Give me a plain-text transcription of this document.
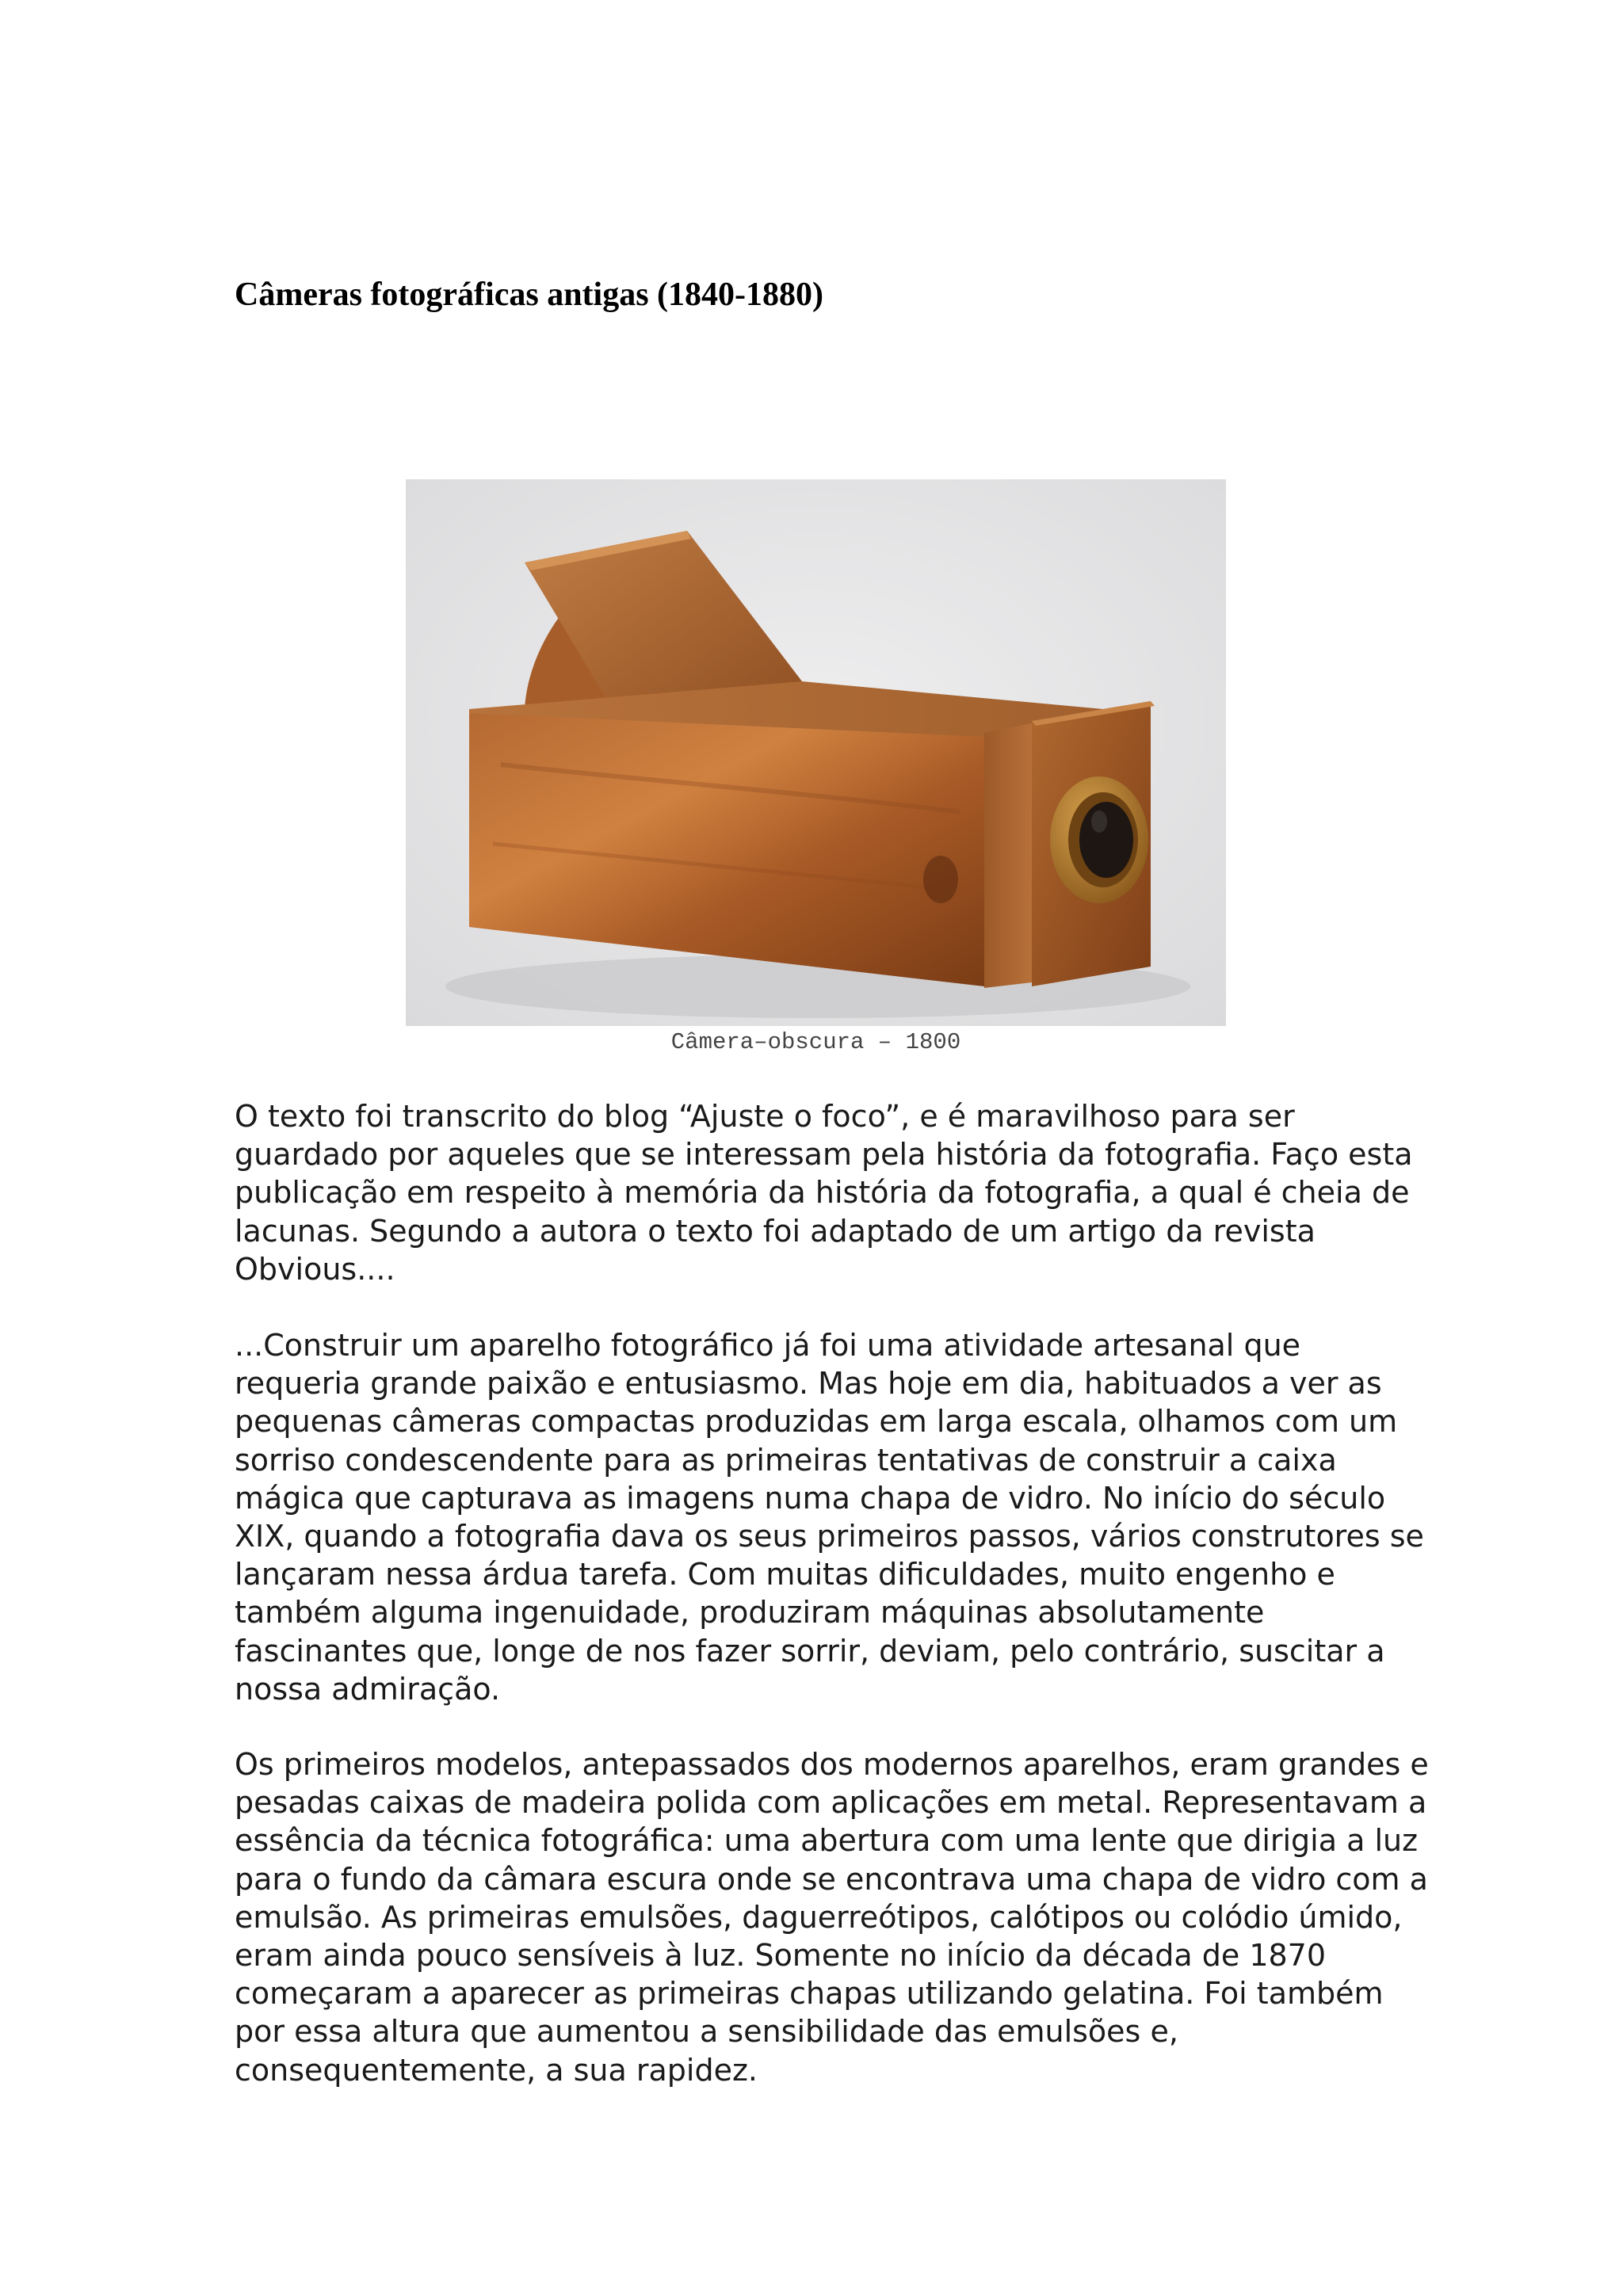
Câmeras fotográficas antigas (1840-1880)
Câmera–obscura – 1800
O texto foi transcrito do blog “Ajuste o foco”, e é maravilhoso para ser
guardado por aqueles que se interessam pela história da fotografia. Faço esta
publicação em respeito à memória da história da fotografia, a qual é cheia de
lacunas. Segundo a autora o texto foi adaptado de um artigo da revista
Obvious....
...Construir um aparelho fotográfico já foi uma atividade artesanal que
requeria grande paixão e entusiasmo. Mas hoje em dia, habituados a ver as
pequenas câmeras compactas produzidas em larga escala, olhamos com um
sorriso condescendente para as primeiras tentativas de construir a caixa
mágica que capturava as imagens numa chapa de vidro. No início do século
XIX, quando a fotografia dava os seus primeiros passos, vários construtores se
lançaram nessa árdua tarefa. Com muitas dificuldades, muito engenho e
também alguma ingenuidade, produziram máquinas absolutamente
fascinantes que, longe de nos fazer sorrir, deviam, pelo contrário, suscitar a
nossa admiração.
Os primeiros modelos, antepassados dos modernos aparelhos, eram grandes e
pesadas caixas de madeira polida com aplicações em metal. Representavam a
essência da técnica fotográfica: uma abertura com uma lente que dirigia a luz
para o fundo da câmara escura onde se encontrava uma chapa de vidro com a
emulsão. As primeiras emulsões, daguerreótipos, calótipos ou colódio úmido,
eram ainda pouco sensíveis à luz. Somente no início da década de 1870
começaram a aparecer as primeiras chapas utilizando gelatina. Foi também
por essa altura que aumentou a sensibilidade das emulsões e,
consequentemente, a sua rapidez.
